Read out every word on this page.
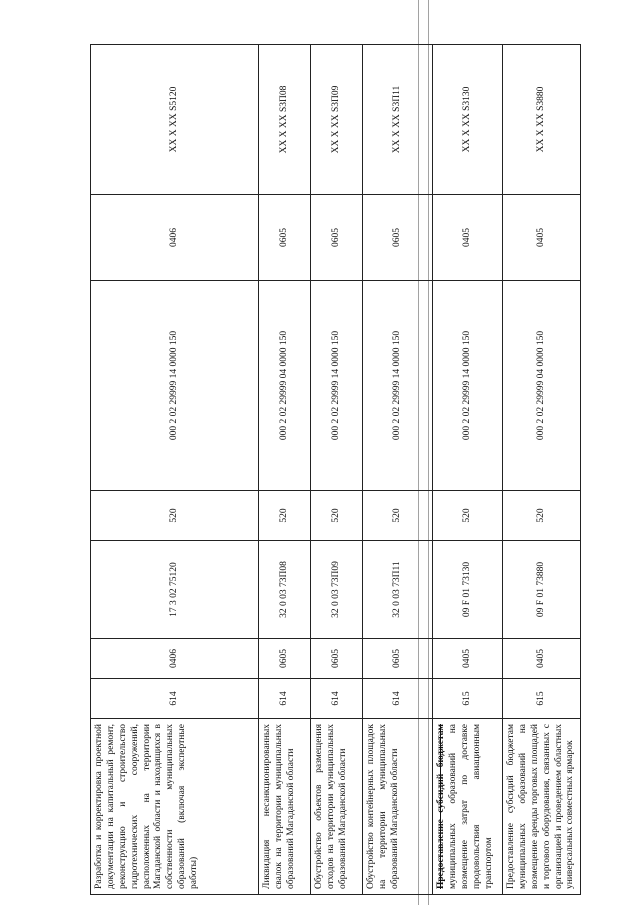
Разработка и корректировка проектной документации на капитальный ремонт, реконструкцию и строительство гидротехнических сооружений, расположенных на территории Магаданской области и находящихся в собственности муниципальных образований (включая экспертные работы)	614	0406	17 3 02 75120	520	000 2 02 29999 14 0000 150	0406	XX X XX S5120
Ликвидация несанкционированных свалок на территории муниципальных образований Магаданской области	614	0605	32 0 03 73П08	520	000 2 02 29999 04 0000 150	0605	XX X XX S3П08
Обустройство объектов размещения отходов на территории муниципальных образований Магаданской области	614	0605	32 0 03 73П09	520	000 2 02 29999 14 0000 150	0605	XX X XX S3П09
Обустройство контейнерных площадок на территории муниципальных образований Магаданской области	614	0605	32 0 03 73П11	520	000 2 02 29999 14 0000 150	0605	XX X XX S3П11
Предоставление субсидий бюджетам муниципальных образований на возмещение затрат по доставке продовольствия авиационным транспортом	615	0405	09 F 01 73130	520	000 2 02 29999 14 0000 150	0405	XX X XX S3130
Предоставление субсидий бюджетам муниципальных образований на возмещение аренды торговых площадей и торгового оборудования, связанных с организацией и проведением областных универсальных совместных ярмарок	615	0405	09 F 01 73880	520	000 2 02 29999 04 0000 150	0405	XX X XX S3880
